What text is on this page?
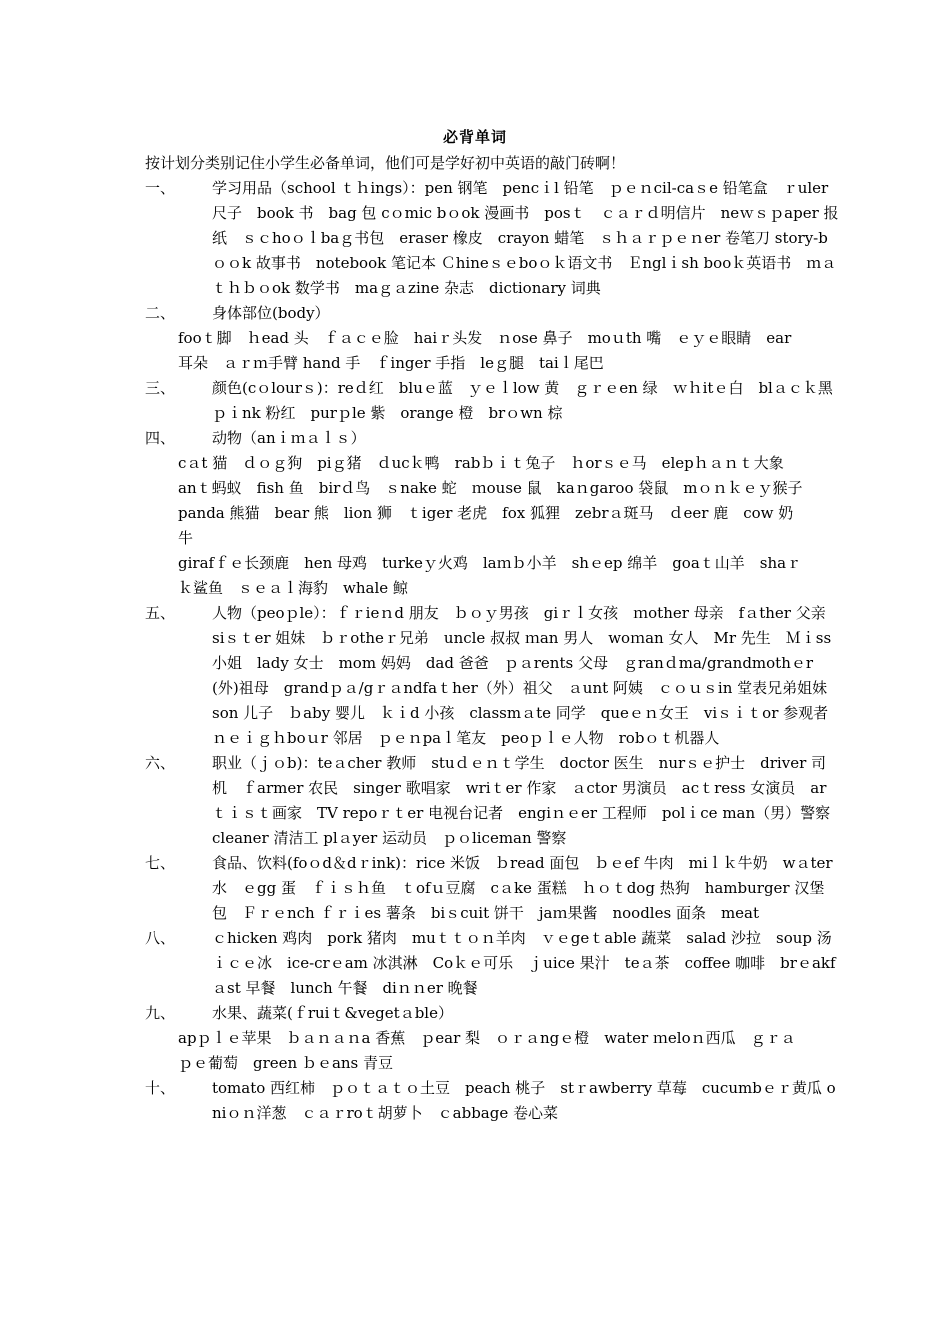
必背单词
按计划分类别记住小学生必备单词，他们可是学好初中英语的敲门砖啊！
一、	学习用品（school ｔｈings）：pen 钢笔　pencｉl 铅笔　ｐｅｎcil-caｓe 铅笔盒　ｒuler 尺子　book 书　bag 包 cｏmic bｏok 漫画书　posｔ　ｃａｒｄ明信片　neｗｓｐaper 报纸　ｓｃhoｏｌbaｇ书包　eraser 橡皮　crayon 蜡笔　ｓｈａｒｐｅｎer 卷笔刀 story-bｏｏk 故事书　notebook 笔记本 Ｃhineｓｅboｏｋ语文书　Ｅnglｉsh booｋ英语书　ｍａｔｈｂｏok 数学书　maｇａzine 杂志　dictionary 词典
二、	身体部位(body）
fooｔ脚　ｈead 头　ｆａｃｅ脸　haiｒ头发　ｎose 鼻子　moｕth 嘴　ｅｙｅ眼睛　ear 耳朵　ａｒｍ手臂 hand 手　ｆinger 手指　leｇ腿　taiｌ尾巴
三、	颜色(cｏlourｓ)：reｄ红　bluｅ蓝　ｙｅｌlow 黄　ｇｒｅen 绿　ｗｈitｅ白　blａｃｋ黑　ｐｉnk 粉红　purｐle 紫　orange 橙　brｏwn 棕
四、	动物（anｉｍａｌｓ）
cａt 猫　ｄｏｇ狗　piｇ猪　ｄucｋ鸭　rabｂｉｔ兔子　ｈorｓｅ马　elepｈａｎｔ大象　anｔ蚂蚁　fish 鱼　birｄ鸟　ｓnake 蛇　ｍouse 鼠　kaｎgaroo 袋鼠　mｏｎｋｅｙ猴子　panda 熊猫　bear 熊　lion 狮　ｔiger 老虎　fox 狐狸　zebrａ斑马　ｄeer 鹿　cow 奶牛
girafｆｅ长颈鹿　hen 母鸡　turkeｙ火鸡　laｍｂ小羊　shｅep 绵羊　goaｔ山羊　shaｒｋ鲨鱼　ｓｅａｌ海豹　whale 鲸
五、	人物（peoｐle）：ｆｒieｎd 朋友　ｂｏｙ男孩　giｒｌ女孩　ｍother 母亲　fａther 父亲　siｓｔer 姐妹　ｂｒotheｒ兄弟　uncle 叔叔 ｍan 男人　woｍan 女人　Mr 先生　Ｍｉss 小姐　lady 女士　mom 妈妈　dad 爸爸　ｐａrents 父母　ｇranｄma/grandmothｅr(外)祖母　grandｐａ/gｒａndfaｔher（外）祖父　ａunt 阿姨　ｃｏｕｓin 堂表兄弟姐妹　son 儿子　ｂaby 婴儿　ｋｉd 小孩　classmａte 同学　queｅｎ女王　viｓｉｔor 参观者　ｎｅｉｇｈboｕr 邻居　ｐｅｎpaｌ笔友　peoｐｌｅ人物　robｏｔ机器人
六、	职业（ｊｏb)：teａcher 教师　stuｄｅｎｔ学生　doctor 医生　nurｓｅ护士　driver 司机　ｆarmer 农民　singer 歌唱家　wriｔer 作家　ａctor 男演员　acｔress 女演员　arｔｉｓｔ画家　TV repoｒｔer 电视台记者　engiｎｅer 工程师　polｉce man（男）警察　cleaner 清洁工 plａyer 运动员　ｐｏliceman 警察
七、	食品、饮料(foｏd＆dｒink)：rice 米饭　ｂread 面包　ｂｅef 牛肉　miｌｋ牛奶　wａter 水　ｅgg 蛋　ｆｉｓｈ鱼　ｔofｕ豆腐　cａke 蛋糕　ｈｏｔdog 热狗　hamburger 汉堡包　Ｆｒｅnch ｆｒｉes 薯条　biｓcuit 饼干　jaｍ果酱　noodles 面条　meat
八、	ｃhicken 鸡肉　pork 猪肉　muｔｔｏｎ羊肉　ｖｅgeｔable 蔬菜　salad 沙拉　soup 汤　ｉｃｅ冰　ice-crｅam 冰淇淋　Coｋｅ可乐　ｊuice 果汁　teａ茶　coffee 咖啡　brｅakfａst 早餐　lunch 午餐　diｎｎer 晚餐
九、	水果、蔬菜(ｆruiｔ&vegetａble）
apｐｌｅ苹果　ｂａｎａｎa 香蕉　ｐear 梨　ｏｒａngｅ橙　water ｍeloｎ西瓜　ｇｒａｐｅ葡萄　green ｂｅans 青豆
十、	tomato 西红柿　ｐｏｔａｔｏ土豆　peach 桃子　stｒawberry 草莓　cucumbｅｒ黄瓜 oniｏｎ洋葱　ｃａｒroｔ胡萝卜　ｃabbage 卷心菜
